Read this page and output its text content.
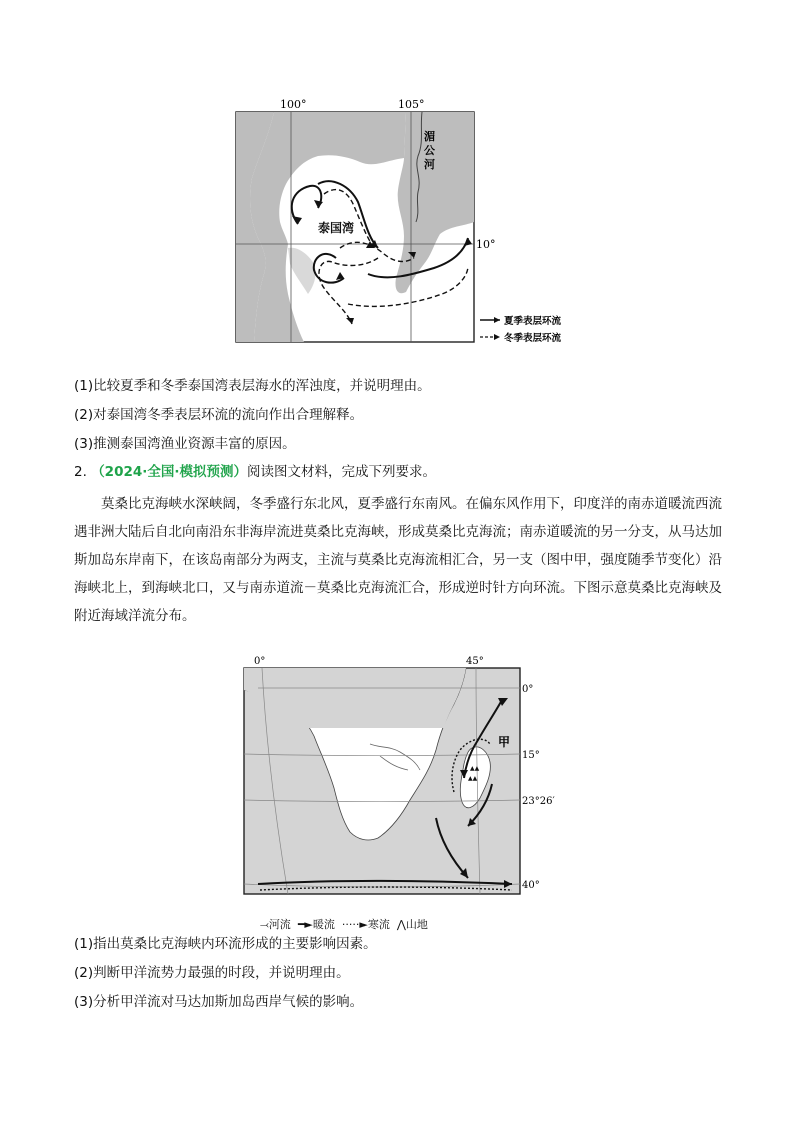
100°	105°
10°
湄
公
河
泰国湾
夏季表层环流
冬季表层环流
(1)比较夏季和冬季泰国湾表层海水的浑浊度，并说明理由。
(2)对泰国湾冬季表层环流的流向作出合理解释。
(3)推测泰国湾渔业资源丰富的原因。
2. （2024·全国·模拟预测）阅读图文材料，完成下列要求。
莫桑比克海峡水深峡阔，冬季盛行东北风，夏季盛行东南风。在偏东风作用下，印度洋的南赤道暖流西流遇非洲大陆后自北向南沿东非海岸流进莫桑比克海峡，形成莫桑比克海流；南赤道暖流的另一分支，从马达加斯加岛东岸南下，在该岛南部分为两支，主流与莫桑比克海流相汇合，另一支（图中甲，强度随季节变化）沿海峡北上，到海峡北口，又与南赤道流－莫桑比克海流汇合，形成逆时针方向环流。下图示意莫桑比克海峡及附近海域洋流分布。
▲▲
▲▲
0°	45°
0°
15°
23°26′
40°
甲
⤙河流 ━►暖流 ·····►寒流 ⋀山地
(1)指出莫桑比克海峡内环流形成的主要影响因素。
(2)判断甲洋流势力最强的时段，并说明理由。
(3)分析甲洋流对马达加斯加岛西岸气候的影响。
